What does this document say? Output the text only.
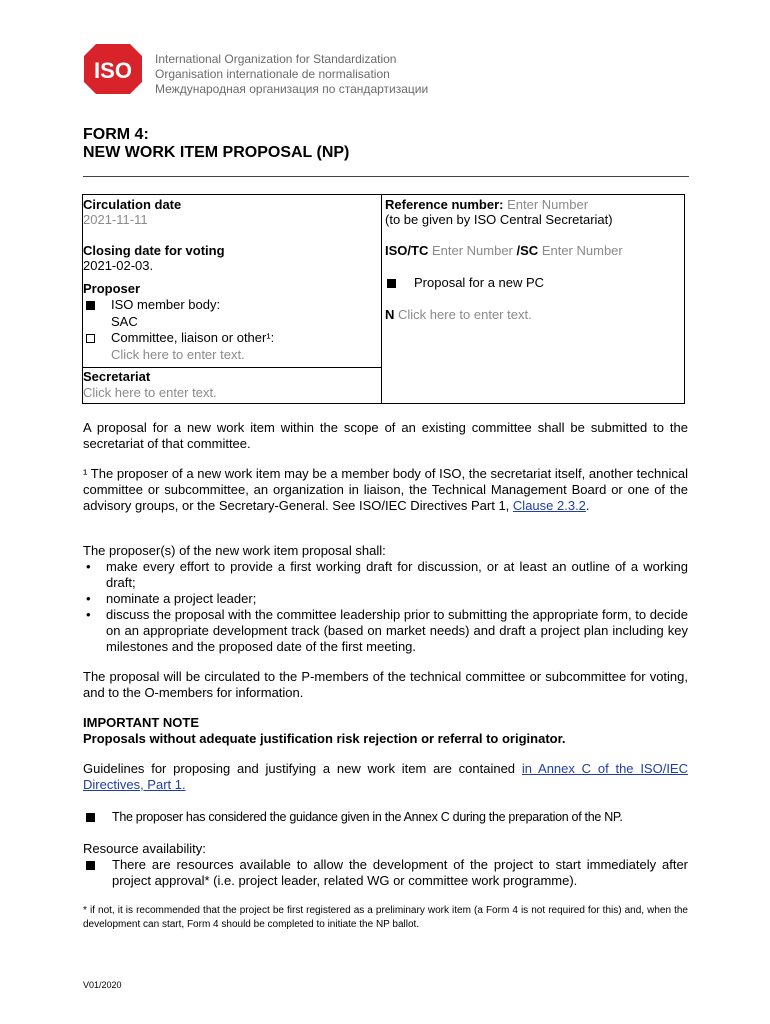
ISO International Organization for Standardization
Organisation internationale de normalisation
Международная организация по стандартизации
FORM 4:
NEW WORK ITEM PROPOSAL (NP)
Circulation date
2021-11-11
Closing date for voting
2021-02-03.
Proposer
ISO member body:
SAC
Committee, liaison or other¹:
Click here to enter text.
Secretariat
Click here to enter text.
Reference number: Enter Number
(to be given by ISO Central Secretariat)
ISO/TC Enter Number /SC Enter Number
Proposal for a new PC
N Click here to enter text.
A proposal for a new work item within the scope of an existing committee shall be submitted to the secretariat of that committee.
¹ The proposer of a new work item may be a member body of ISO, the secretariat itself, another technical committee or subcommittee, an organization in liaison, the Technical Management Board or one of the advisory groups, or the Secretary-General. See ISO/IEC Directives Part 1, Clause 2.3.2.
The proposer(s) of the new work item proposal shall:
• make every effort to provide a first working draft for discussion, or at least an outline of a working draft;
• nominate a project leader;
• discuss the proposal with the committee leadership prior to submitting the appropriate form, to decide on an appropriate development track (based on market needs) and draft a project plan including key milestones and the proposed date of the first meeting.
The proposal will be circulated to the P-members of the technical committee or subcommittee for voting, and to the O-members for information.
IMPORTANT NOTE
Proposals without adequate justification risk rejection or referral to originator.
Guidelines for proposing and justifying a new work item are contained in Annex C of the ISO/IEC Directives, Part 1.
The proposer has considered the guidance given in the Annex C during the preparation of the NP.
Resource availability:
There are resources available to allow the development of the project to start immediately after project approval* (i.e. project leader, related WG or committee work programme).
* if not, it is recommended that the project be first registered as a preliminary work item (a Form 4 is not required for this) and, when the development can start, Form 4 should be completed to initiate the NP ballot.
V01/2020
